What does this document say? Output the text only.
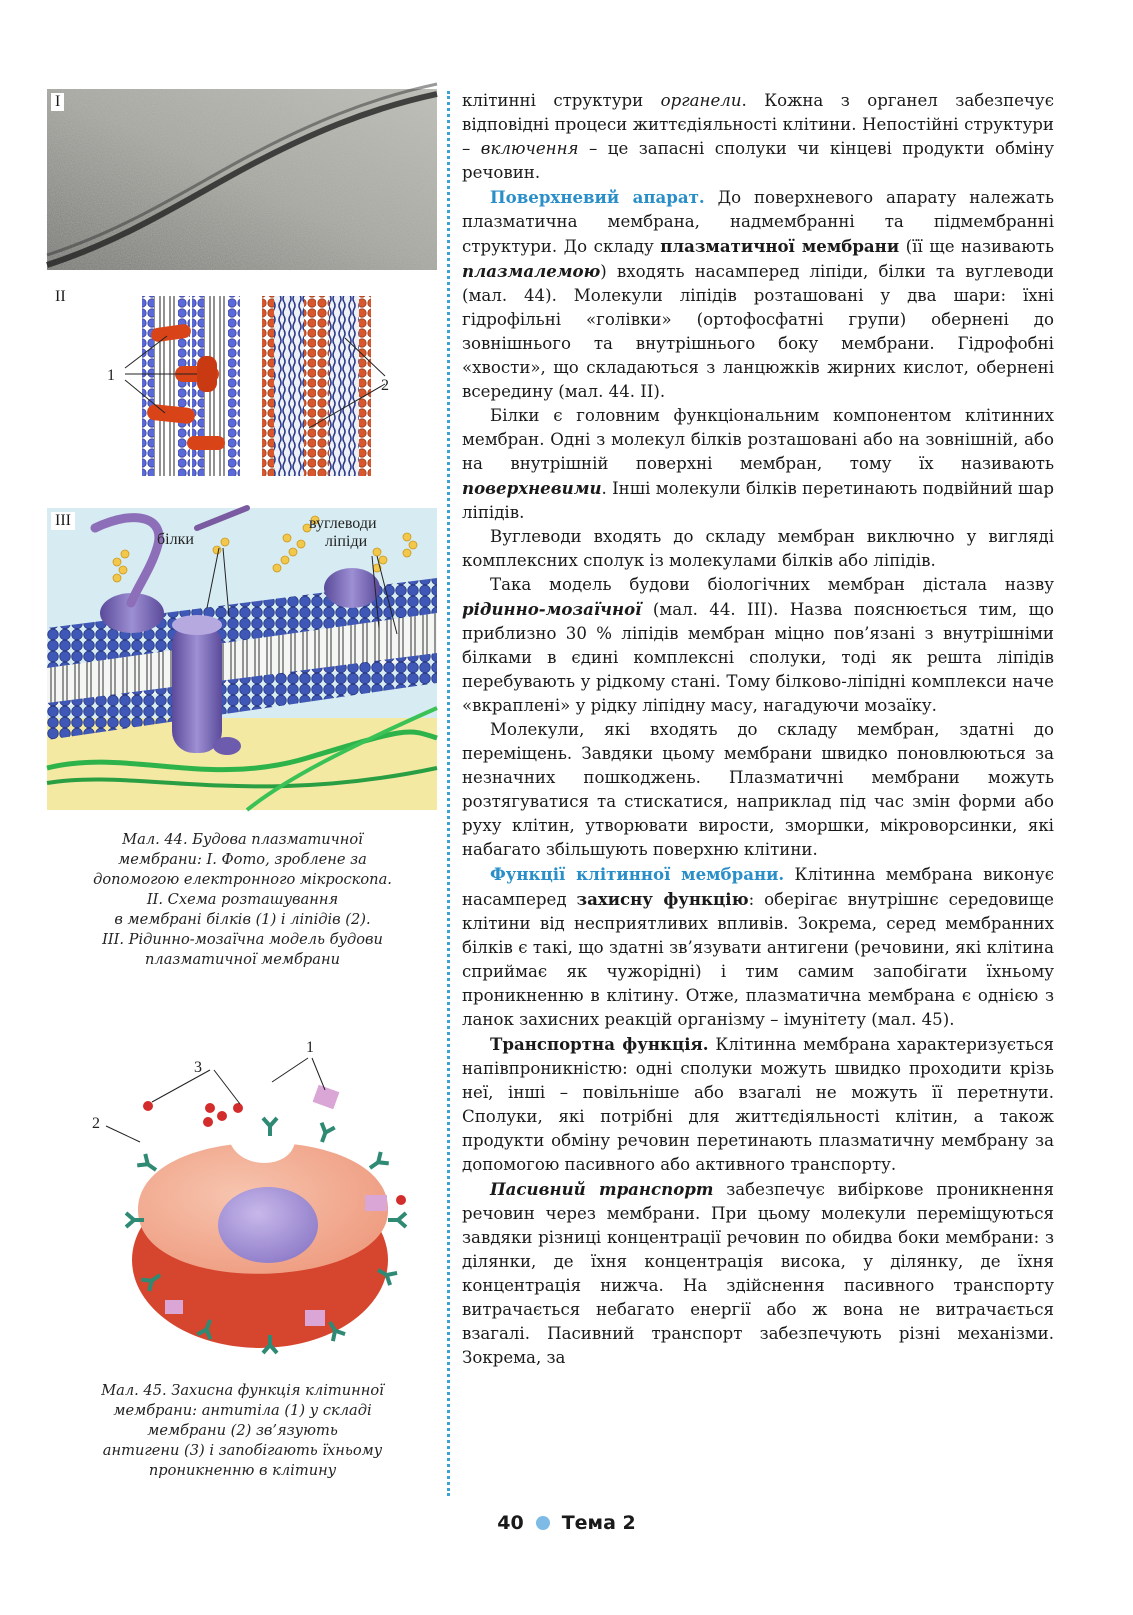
I
II
1
2
білки
вуглеводи
ліпіди
III
Мал. 44. Будова плазматичної
мембрани: I. Фото, зроблене за
допомогою електронного мікроскопа.
II. Схема розташування
в мембрані білків (1) і ліпідів (2).
III. Рідинно-мозаїчна модель будови
плазматичної мембрани
3
1
2
Мал. 45. Захисна функція клітинної
мембрани: антитіла (1) у складі
мембрани (2) зв’язують
антигени (3) і запобігають їхньому
проникненню в клітину

клітинні структури органели. Кожна з органел забезпечує відповідні процеси життєдіяльності клітини. Непостійні структури – включення – це запасні сполуки чи кінцеві продукти обміну речовин.

Поверхневий апарат. До поверхневого апарату належать плазматична мембрана, надмембранні та підмембранні структури. До складу плазматичної мембрани (її ще називають плазмалемою) входять насамперед ліпіди, білки та вуглеводи (мал. 44). Молекули ліпідів розташовані у два шари: їхні гідрофільні «голівки» (ортофосфатні групи) обернені до зовнішнього та внутрішнього боку мембрани. Гідрофобні «хвости», що складаються з ланцюжків жирних кислот, обернені всередину (мал. 44. II).

Білки є головним функціональним компонентом клітинних мембран. Одні з молекул білків розташовані або на зовнішній, або на внутрішній поверхні мембран, тому їх називають поверхневими. Інші молекули білків перетинають подвійний шар ліпідів.

Вуглеводи входять до складу мембран виключно у вигляді комплексних сполук із молекулами білків або ліпідів.

Така модель будови біологічних мембран дістала назву рідинно-мозаїчної (мал. 44. III). Назва пояснюється тим, що приблизно 30 % ліпідів мембран міцно пов’язані з внутрішніми білками в єдині комплексні сполуки, тоді як решта ліпідів перебувають у рідкому стані. Тому білково-ліпідні комплекси наче «вкраплені» у рідку ліпідну масу, нагадуючи мозаїку.

Молекули, які входять до складу мембран, здатні до переміщень. Завдяки цьому мембрани швидко поновлюються за незначних пошкоджень. Плазматичні мембрани можуть розтягуватися та стискатися, наприклад під час змін форми або руху клітин, утворювати вирости, зморшки, мікроворсинки, які набагато збільшують поверхню клітини.

Функції клітинної мембрани. Клітинна мембрана виконує насамперед захисну функцію: оберігає внутрішнє середовище клітини від несприятливих впливів. Зокрема, серед мембранних білків є такі, що здатні зв’язувати антигени (речовини, які клітина сприймає як чужорідні) і тим самим запобігати їхньому проникненню в клітину. Отже, плазматична мембрана є однією з ланок захисних реакцій організму – імунітету (мал. 45).

Транспортна функція. Клітинна мембрана характеризується напівпроникністю: одні сполуки можуть швидко проходити крізь неї, інші – повільніше або взагалі не можуть її перетнути. Сполуки, які потрібні для життєдіяльності клітин, а також продукти обміну речовин перетинають плазматичну мембрану за допомогою пасивного або активного транспорту.

Пасивний транспорт забезпечує вибіркове проникнення речовин через мембрани. При цьому молекули переміщуються завдяки різниці концентрації речовин по обидва боки мембрани: з ділянки, де їхня концентрація висока, у ділянку, де їхня концентрація нижча. На здійснення пасивного транспорту витрачається небагато енергії або ж вона не витрачається взагалі. Пасивний транспорт забезпечують різні механізми. Зокрема, за

40 Тема 2
